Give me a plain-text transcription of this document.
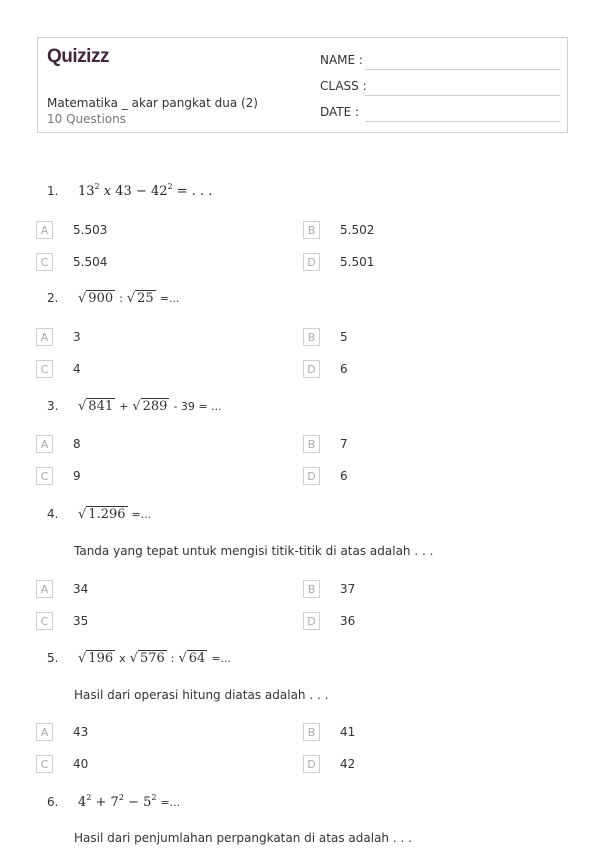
Quizizz
Matematika _ akar pangkat dua (2)
10 Questions
NAME :
CLASS :
DATE :
1.	$13^2$ x $43 - 42^2$ = . . .
2.	√ 900 : √ 25 =...
3.	√ 841 + √ 289 - 39 = ...
4.	√ 1.296 =...
Tanda yang tepat untuk mengisi titik-titik di atas adalah . . .
5.	√ 196 x √ 576 : √ 64 =...
Hasil dari operasi hitung diatas adalah . . .
6.	$4^2 + 7^2 - 5^2$ =...
Hasil dari penjumlahan perpangkatan di atas adalah . . .
A	5.503	B	5.502
C	5.504	D	5.501
A	3	B	5
C	4	D	6
A	8	B	7
C	9	D	6
A	34	B	37
C	35	D	36
A	43	B	41
C	40	D	42
